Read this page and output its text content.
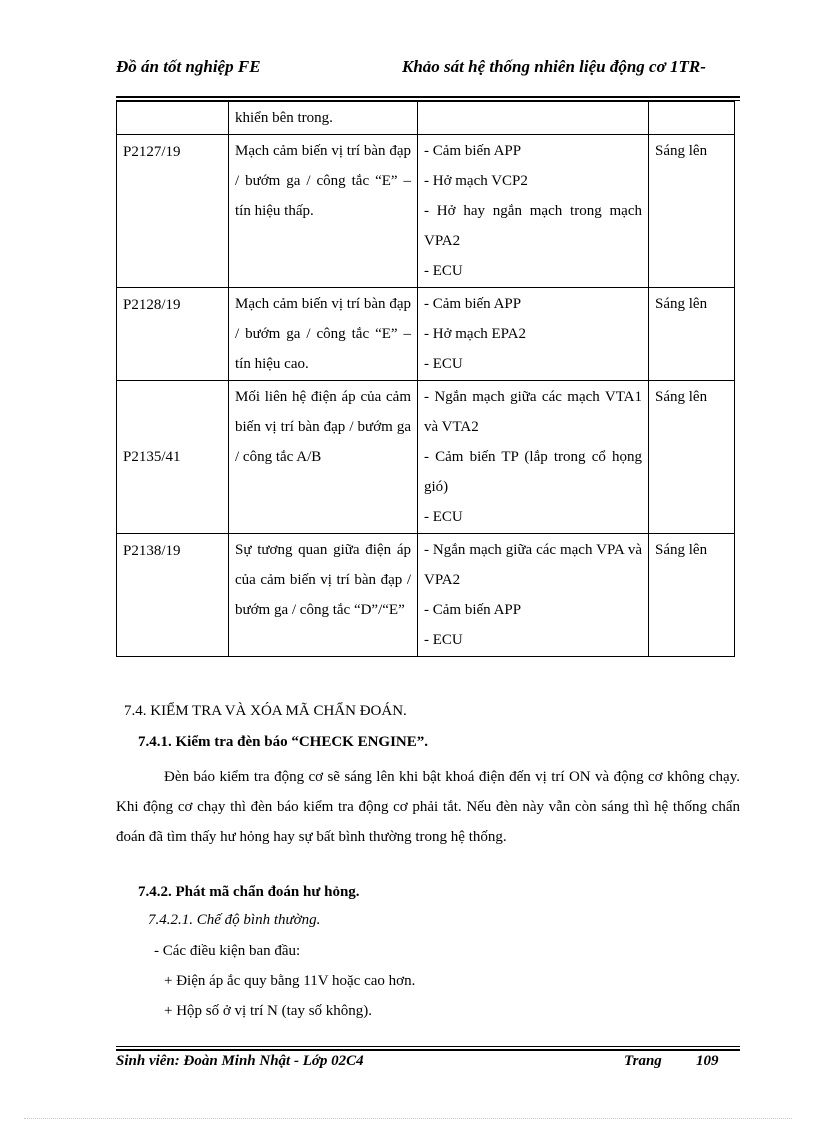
Đồ án tốt nghiệp FE	Khảo sát hệ thống nhiên liệu động cơ 1TR-
	khiển bên trong.		
P2127/19	Mạch cảm biến vị trí bàn đạp / bướm ga / công tắc “E” – tín hiệu thấp.	- Cảm biến APP
- Hở mạch VCP2
- Hở hay ngắn mạch trong mạch VPA2
- ECU	Sáng lên
P2128/19	Mạch cảm biến vị trí bàn đạp / bướm ga / công tắc “E” – tín hiệu cao.	- Cảm biến APP
- Hở mạch EPA2
- ECU	Sáng lên
P2135/41	Mối liên hệ điện áp của cảm biến vị trí bàn đạp / bướm ga / công tắc A/B	- Ngắn mạch giữa các mạch VTA1 và VTA2
- Cảm biến TP (lắp trong cổ họng gió)
- ECU	Sáng lên
P2138/19	Sự tương quan giữa điện áp của cảm biến vị trí bàn đạp / bướm ga / công tắc “D”/“E”	- Ngắn mạch giữa các mạch VPA và VPA2
- Cảm biến APP
- ECU	Sáng lên
7.4. KIỂM TRA VÀ XÓA MÃ CHẨN ĐOÁN.
7.4.1. Kiểm tra đèn báo “CHECK ENGINE”.
Đèn báo kiểm tra động cơ sẽ sáng lên khi bật khoá điện đến vị trí ON và động cơ không chạy. Khi động cơ chạy thì đèn báo kiểm tra động cơ phải tắt. Nếu đèn này vẫn còn sáng thì hệ thống chẩn đoán đã tìm thấy hư hỏng hay sự bất bình thường trong hệ thống.
7.4.2. Phát mã chẩn đoán hư hỏng.
7.4.2.1. Chế độ bình thường.
- Các điều kiện ban đầu:
+ Điện áp ắc quy bằng 11V hoặc cao hơn.
+ Hộp số ở vị trí N (tay số không).
Sinh viên: Đoàn Minh Nhật - Lớp 02C4	Trang 109
